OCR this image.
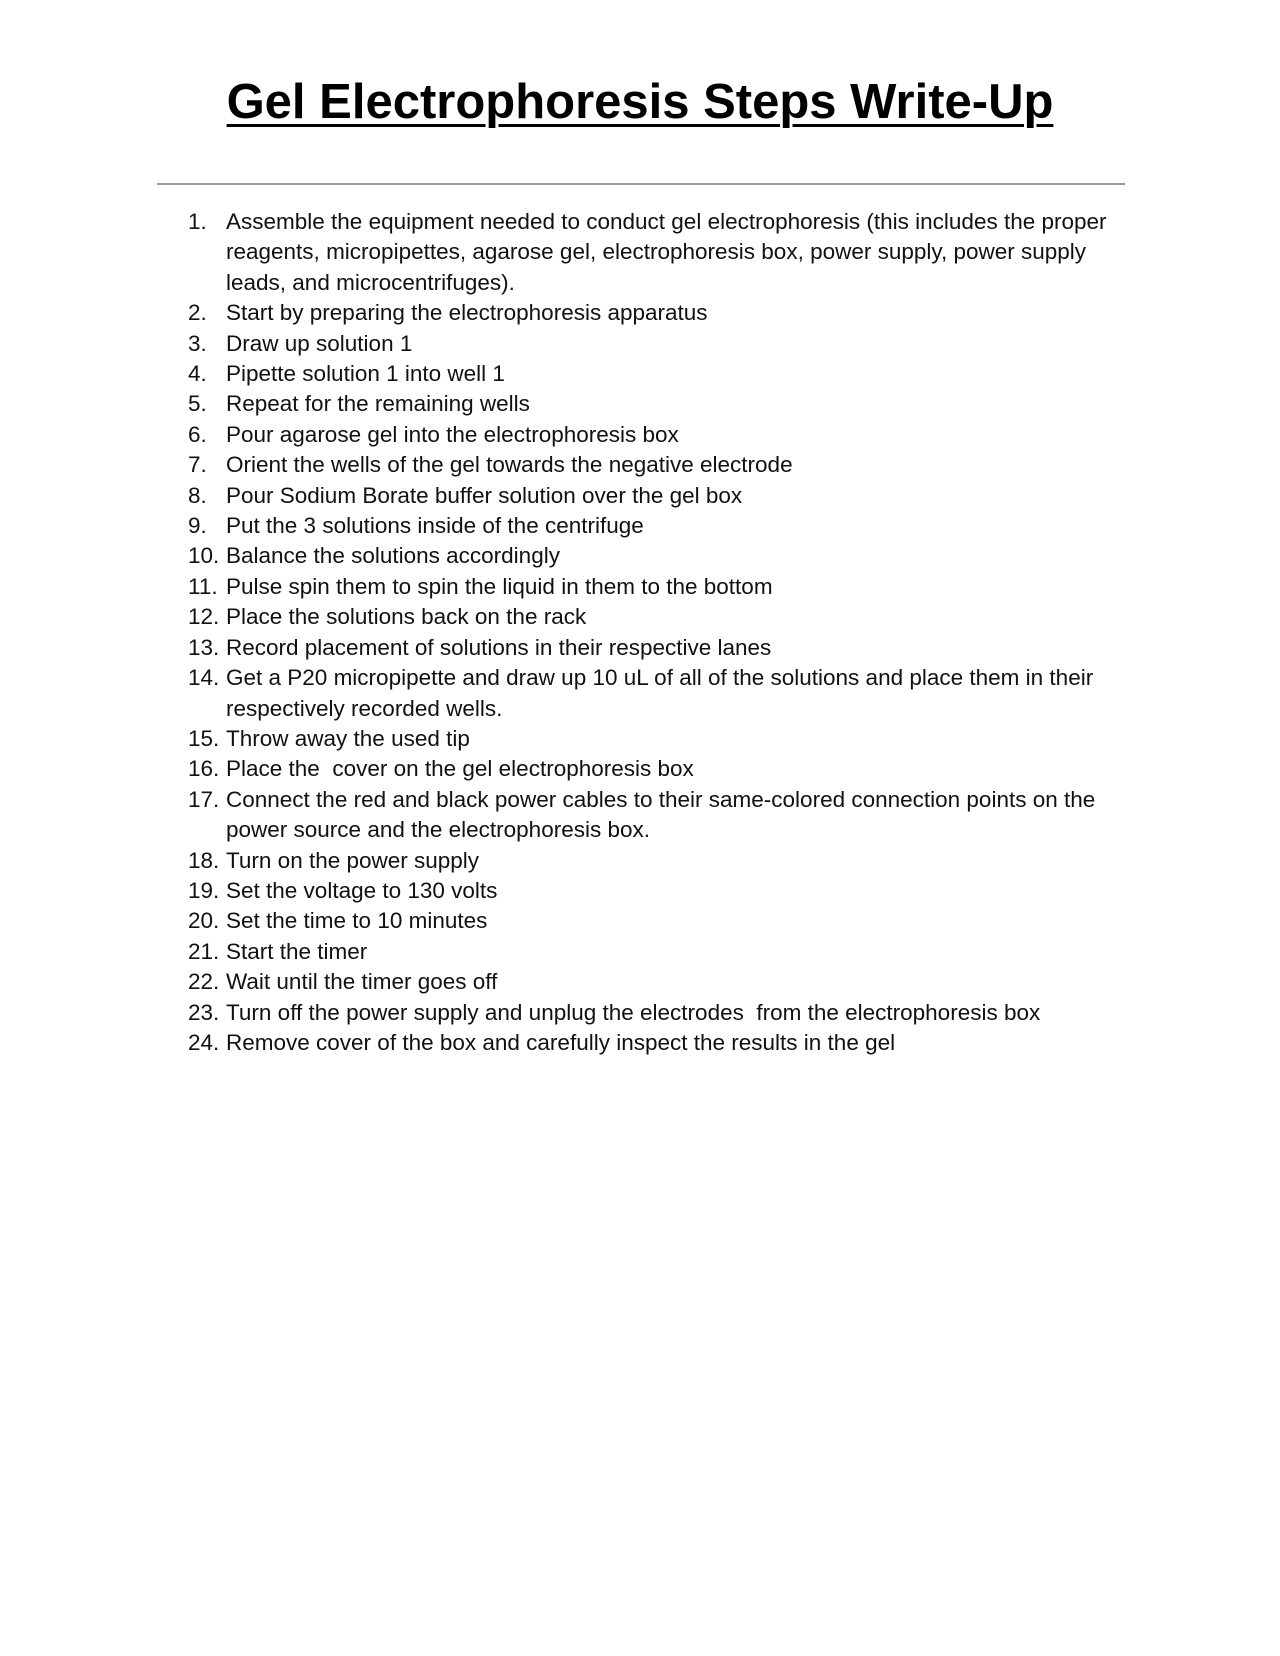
Gel Electrophoresis Steps Write-Up
1. Assemble the equipment needed to conduct gel electrophoresis (this includes the proper reagents, micropipettes, agarose gel, electrophoresis box, power supply, power supply leads, and microcentrifuges).
2. Start by preparing the electrophoresis apparatus
3. Draw up solution 1
4. Pipette solution 1 into well 1
5. Repeat for the remaining wells
6. Pour agarose gel into the electrophoresis box
7. Orient the wells of the gel towards the negative electrode
8. Pour Sodium Borate buffer solution over the gel box
9. Put the 3 solutions inside of the centrifuge
10. Balance the solutions accordingly
11. Pulse spin them to spin the liquid in them to the bottom
12. Place the solutions back on the rack
13. Record placement of solutions in their respective lanes
14. Get a P20 micropipette and draw up 10 uL of all of the solutions and place them in their respectively recorded wells.
15. Throw away the used tip
16. Place the  cover on the gel electrophoresis box
17. Connect the red and black power cables to their same-colored connection points on the power source and the electrophoresis box.
18. Turn on the power supply
19. Set the voltage to 130 volts
20. Set the time to 10 minutes
21. Start the timer
22. Wait until the timer goes off
23. Turn off the power supply and unplug the electrodes  from the electrophoresis box
24. Remove cover of the box and carefully inspect the results in the gel
